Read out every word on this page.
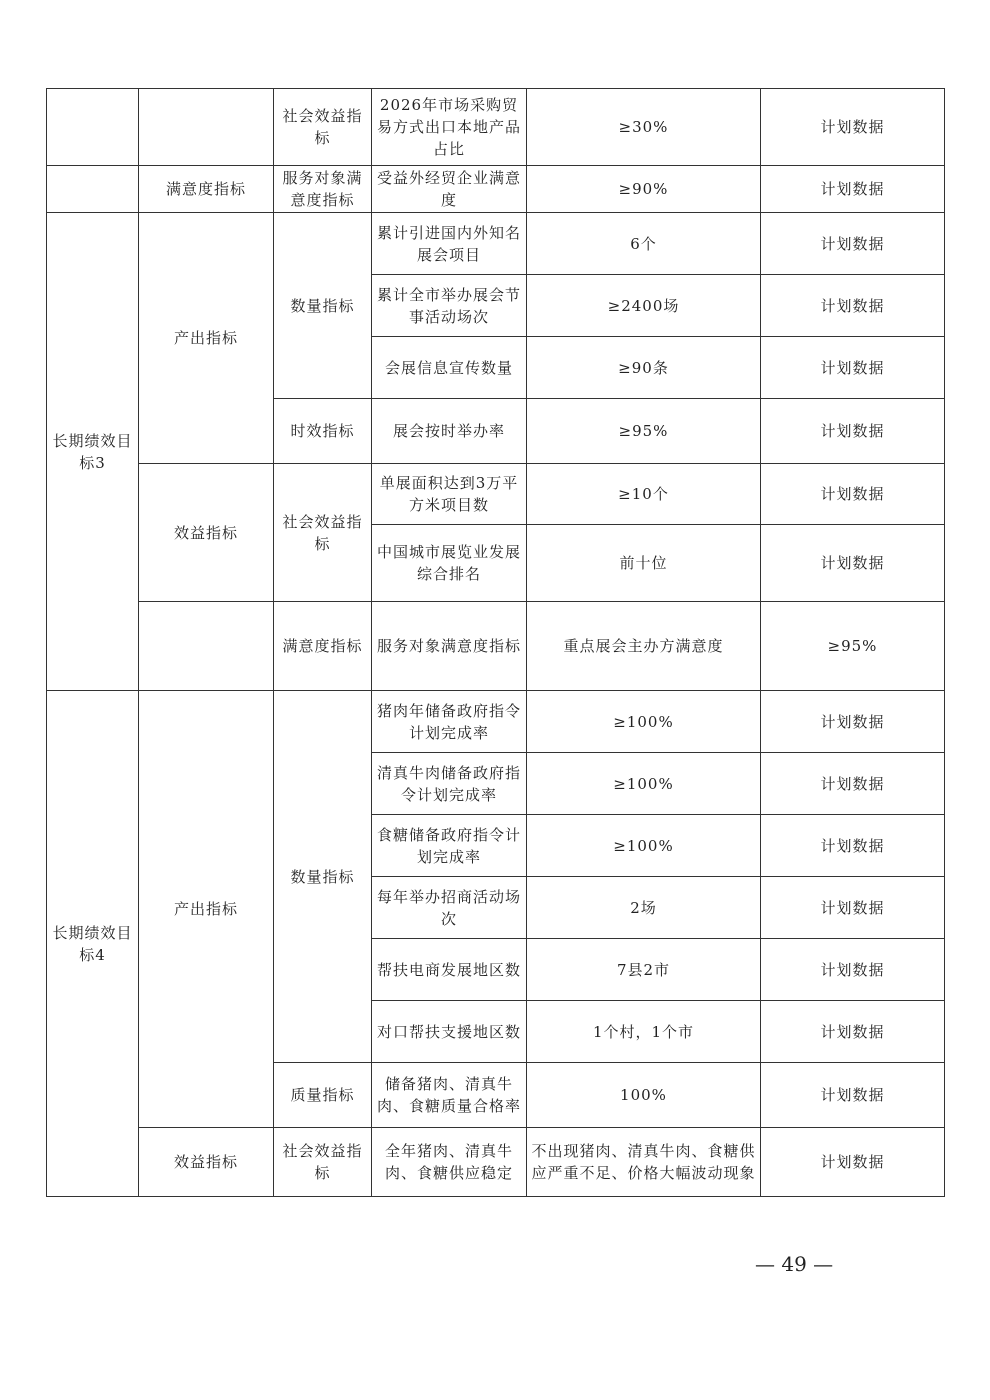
		社会效益指标	2026年市场采购贸易方式出口本地产品占比	≥30%	计划数据	
	满意度指标	服务对象满意度指标	受益外经贸企业满意度	≥90%	计划数据	
长期绩效目标3	产出指标	数量指标	累计引进国内外知名展会项目	6个	计划数据	
			累计全市举办展会节事活动场次	≥2400场	计划数据	
			会展信息宣传数量	≥90条	计划数据	
		时效指标	展会按时举办率	≥95%	计划数据	
	效益指标	社会效益指标	单展面积达到3万平方米项目数	≥10个	计划数据	
			中国城市展览业发展综合排名	前十位	计划数据	
		满意度指标	服务对象满意度指标	重点展会主办方满意度	≥95%	
长期绩效目标4	产出指标	数量指标	猪肉年储备政府指令计划完成率	≥100%	计划数据	
			清真牛肉储备政府指令计划完成率	≥100%	计划数据	
			食糖储备政府指令计划完成率	≥100%	计划数据	
			每年举办招商活动场次	2场	计划数据	
			帮扶电商发展地区数	7县2市	计划数据	
			对口帮扶支援地区数	1个村，1个市	计划数据	
		质量指标	储备猪肉、清真牛肉、食糖质量合格率	100%	计划数据	
	效益指标	社会效益指标	全年猪肉、清真牛肉、食糖供应稳定	不出现猪肉、清真牛肉、食糖供应严重不足、价格大幅波动现象	计划数据	
— 49 —
